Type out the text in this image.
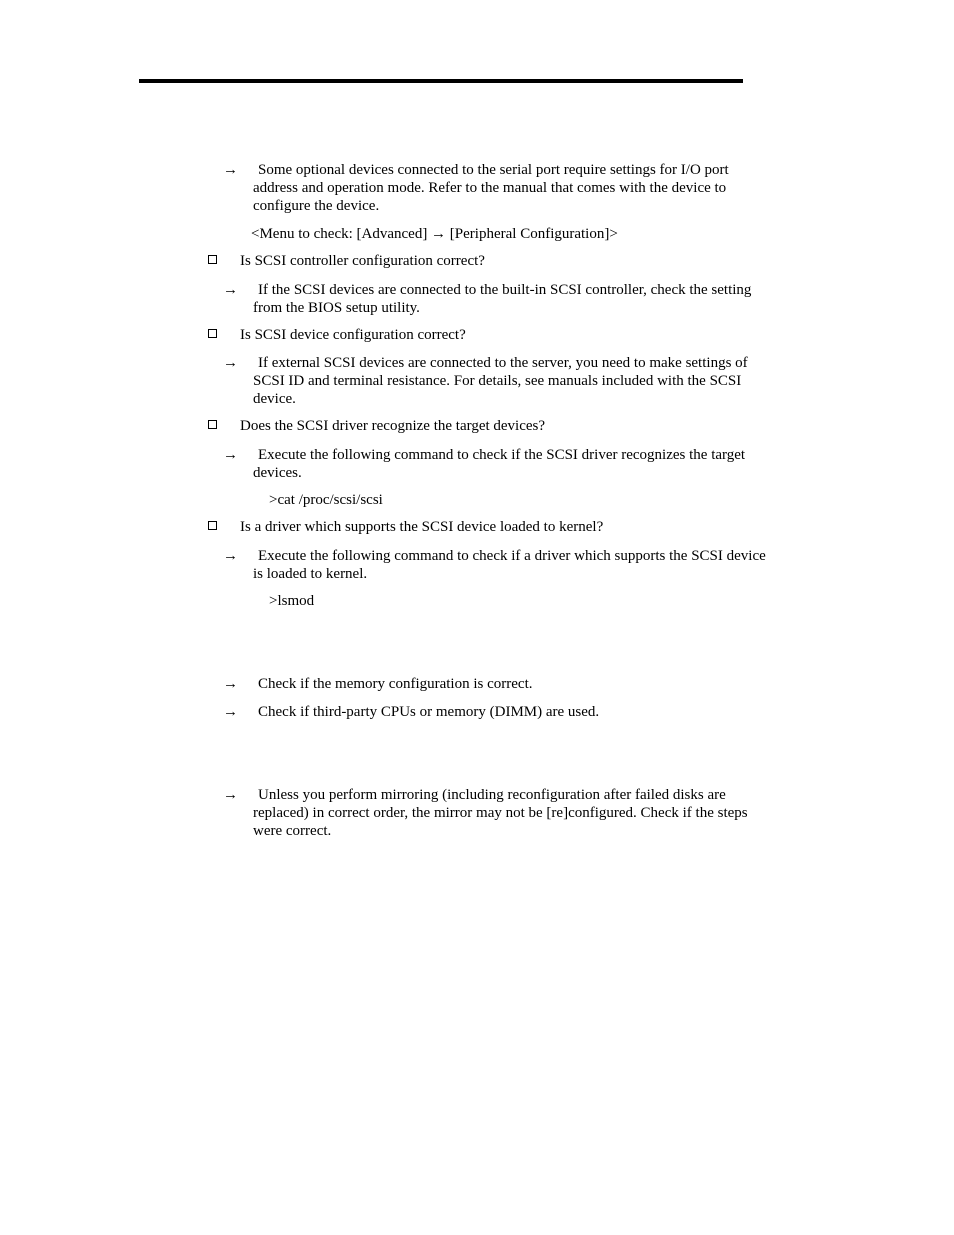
→	Some optional devices connected to the serial port require settings for I/O port address and operation mode. Refer to the manual that comes with the device to configure the device.
<Menu to check: [Advanced] → [Peripheral Configuration]>
Is SCSI controller configuration correct?
→	If the SCSI devices are connected to the built-in SCSI controller, check the setting from the BIOS setup utility.
Is SCSI device configuration correct?
→	If external SCSI devices are connected to the server, you need to make settings of SCSI ID and terminal resistance. For details, see manuals included with the SCSI device.
Does the SCSI driver recognize the target devices?
→	Execute the following command to check if the SCSI driver recognizes the target devices.
>cat /proc/scsi/scsi
Is a driver which supports the SCSI device loaded to kernel?
→	Execute the following command to check if a driver which supports the SCSI device is loaded to kernel.
>lsmod
→	Check if the memory configuration is correct.
→	Check if third-party CPUs or memory (DIMM) are used.
→	Unless you perform mirroring (including reconfiguration after failed disks are replaced) in correct order, the mirror may not be [re]configured. Check if the steps were correct.
